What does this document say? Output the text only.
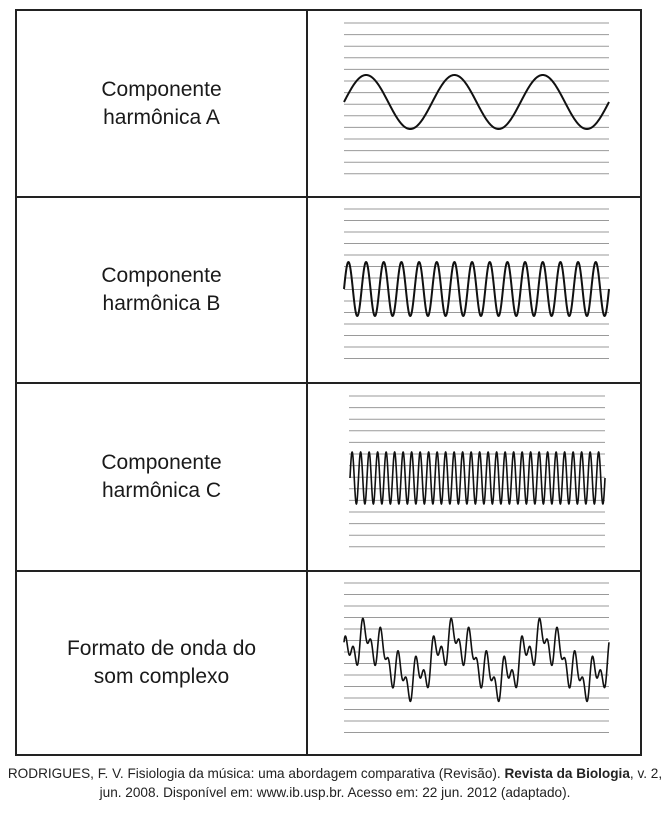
Componente
harmônica A
Componente
harmônica B
Componente
harmônica C
Formato de onda do
som complexo
RODRIGUES, F. V. Fisiologia da música: uma abordagem comparativa (Revisão). Revista da Biologia, v. 2, jun. 2008. Disponível em: www.ib.usp.br. Acesso em: 22 jun. 2012 (adaptado).
